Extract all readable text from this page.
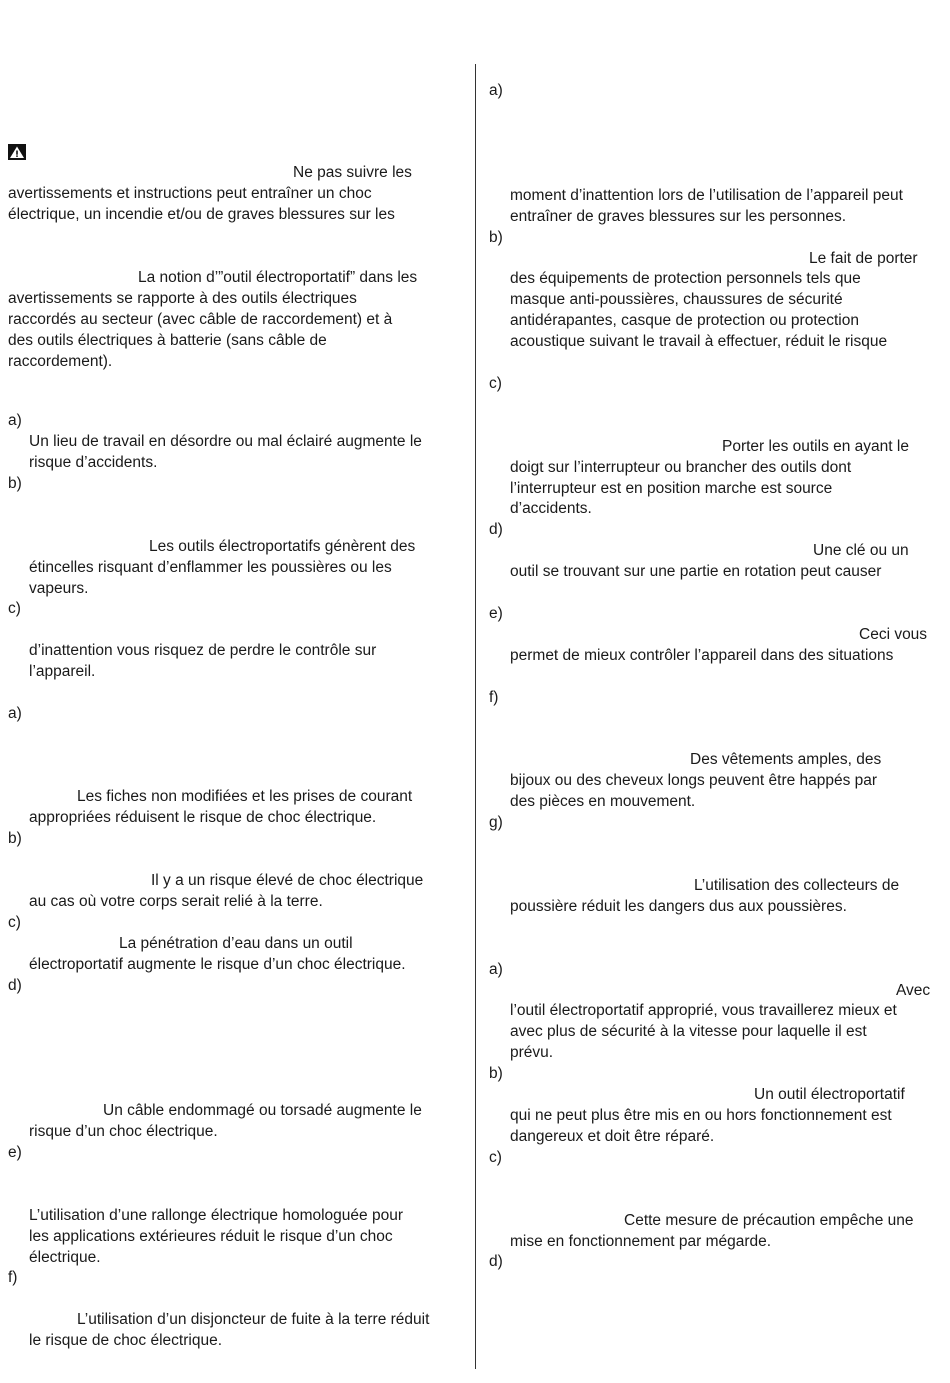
Ne pas suivre les
avertissements et instructions peut entraîner un choc
électrique, un incendie et/ou de graves blessures sur les
La notion d’”outil électroportatif” dans les
avertissements se rapporte à des outils électriques
raccordés au secteur (avec câble de raccordement) et à
des outils électriques à batterie (sans câble de
raccordement).
a)
Un lieu de travail en désordre ou mal éclairé augmente le
risque d’accidents.
b)
Les outils électroportatifs génèrent des
étincelles risquant d’enflammer les poussières ou les
vapeurs.
c)
d’inattention vous risquez de perdre le contrôle sur
l’appareil.
a)
Les fiches non modifiées et les prises de courant
appropriées réduisent le risque de choc électrique.
b)
Il y a un risque élevé de choc électrique
au cas où votre corps serait relié à la terre.
c)
La pénétration d’eau dans un outil
électroportatif augmente le risque d’un choc électrique.
d)
Un câble endommagé ou torsadé augmente le
risque d’un choc électrique.
e)
L’utilisation d’une rallonge électrique homologuée pour
les applications extérieures réduit le risque d’un choc
électrique.
f)
L’utilisation d’un disjoncteur de fuite à la terre réduit
le risque de choc électrique.
a)
moment d’inattention lors de l’utilisation de l’appareil peut
entraîner de graves blessures sur les personnes.
b)
Le fait de porter
des équipements de protection personnels tels que
masque anti-poussières, chaussures de sécurité
antidérapantes, casque de protection ou protection
acoustique suivant le travail à effectuer, réduit le risque
c)
Porter les outils en ayant le
doigt sur l’interrupteur ou brancher des outils dont
l’interrupteur est en position marche est source
d’accidents.
d)
Une clé ou un
outil se trouvant sur une partie en rotation peut causer
e)
Ceci vous
permet de mieux contrôler l’appareil dans des situations
f)
Des vêtements amples, des
bijoux ou des cheveux longs peuvent être happés par
des pièces en mouvement.
g)
L’utilisation des collecteurs de
poussière réduit les dangers dus aux poussières.
a)
Avec
l’outil électroportatif approprié, vous travaillerez mieux et
avec plus de sécurité à la vitesse pour laquelle il est
prévu.
b)
Un outil électroportatif
qui ne peut plus être mis en ou hors fonctionnement est
dangereux et doit être réparé.
c)
Cette mesure de précaution empêche une
mise en fonctionnement par mégarde.
d)
